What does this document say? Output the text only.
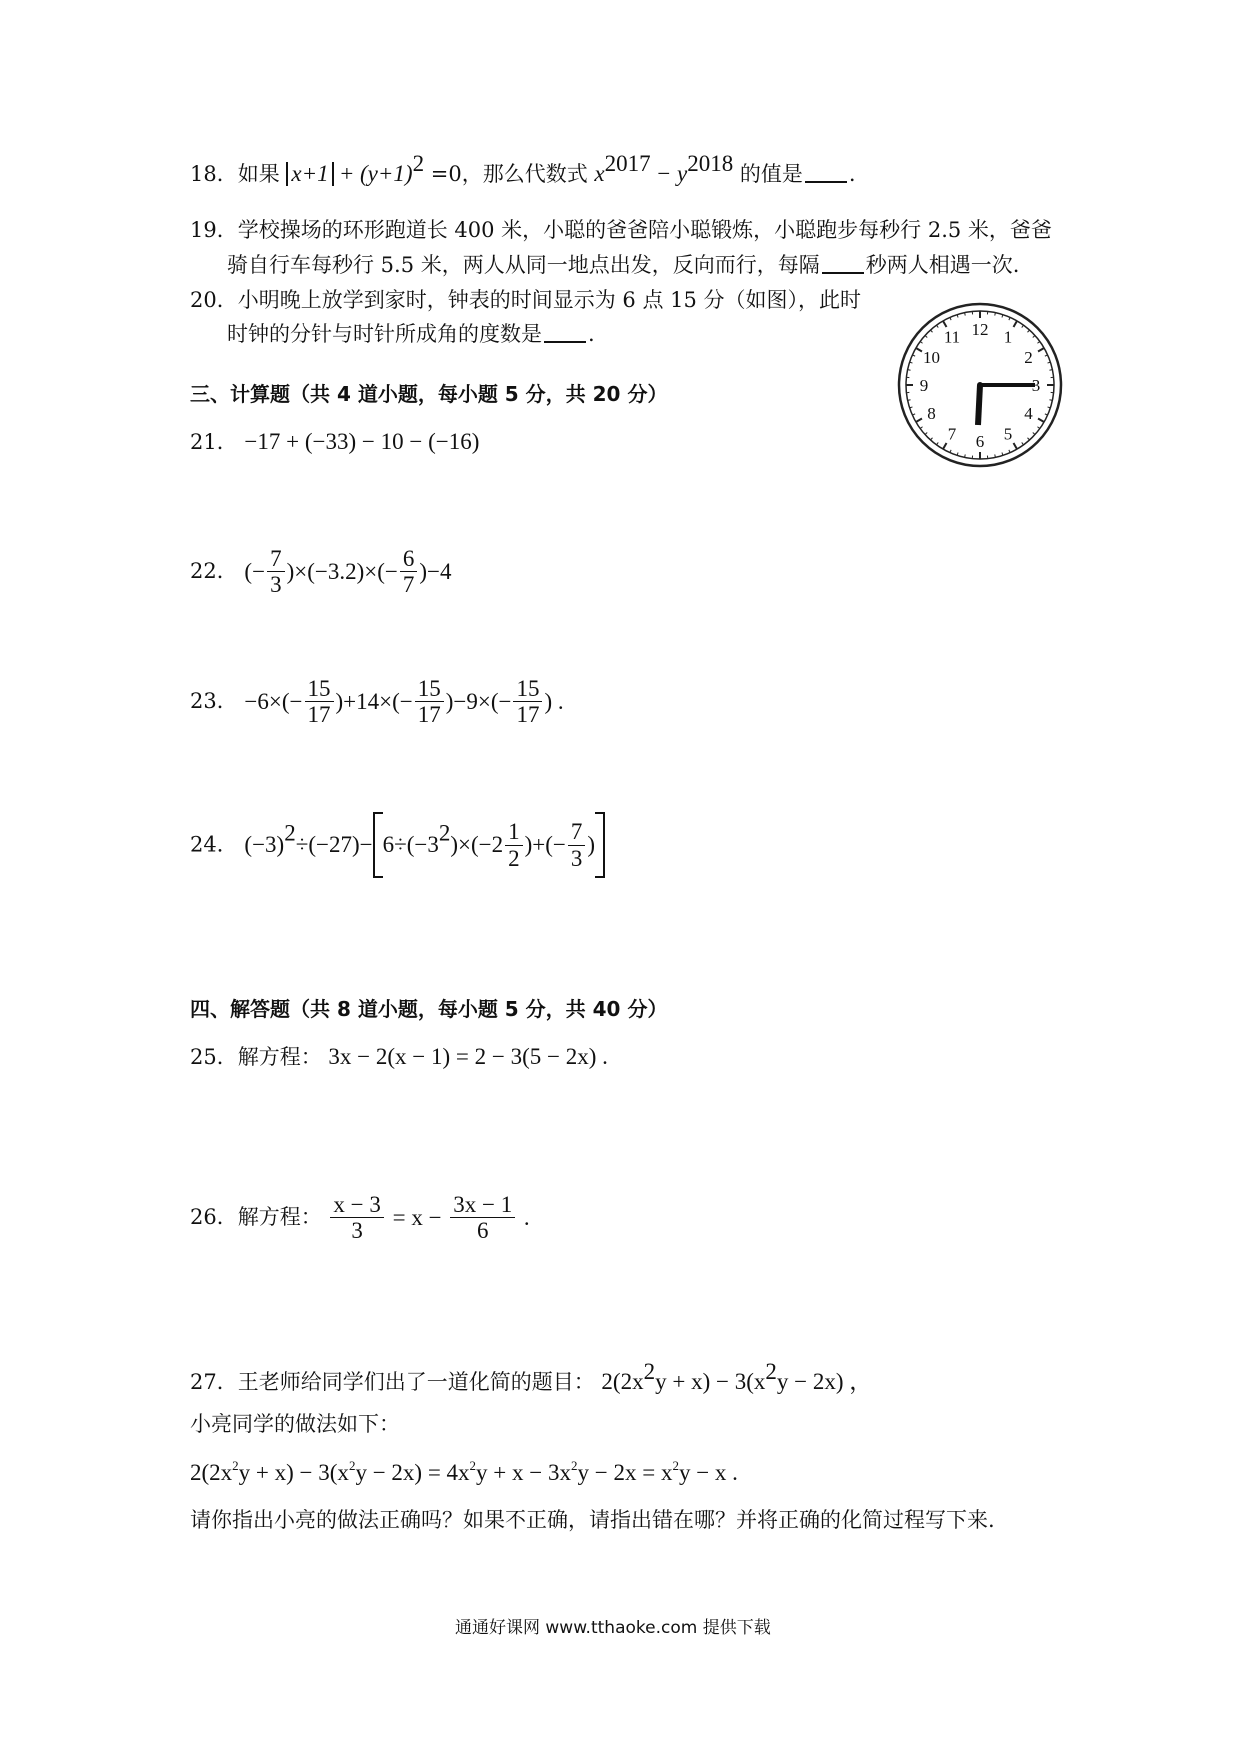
18．如果 $x+1 + (y+1)^2 =0$，那么代数式 $x^{2017} - y^{2018}$ 的值是 .
19．学校操场的环形跑道长 400 米，小聪的爸爸陪小聪锻炼，小聪跑步每秒行 2.5 米，爸爸
骑自行车每秒行 5.5 米，两人从同一地点出发，反向而行，每隔 秒两人相遇一次.
20．小明晚上放学到家时，钟表的时间显示为 6 点 15 分（如图），此时
时钟的分针与时针所成角的度数是 .	12 1
2
3
4
5
6
7
8
9
10
11
三、计算题（共 4 道小题，每小题 5 分，共 20 分）
21． −17 + (−33) − 10 − (−16)
22． (− $\frac{7}{3} )\times(-3.2)\times(- \frac{6}{7} )-4$
23． $-6\times(- \frac{15}{17} )+14\times(- \frac{15}{17} )-9\times(- \frac{15}{17}$ ) .
24． $(-3)^2\div(-27)- 6\div(-3^2)\times(-2 \frac{1}{2}$ )+(− $\frac{7}{3}$ )
四、解答题（共 8 道小题，每小题 5 分，共 40 分）
25．解方程： 3x − 2(x − 1) = 2 − 3(5 − 2x) .
26．解方程： $\frac{x - 3}{3} = x - \frac{3x - 1}{6}$ .
27．王老师给同学们出了一道化简的题目： $2(2x^2y + x) - 3(x^2y - 2x)$ ，
小亮同学的做法如下：
$2(2x^2y + x) - 3(x^2y - 2x) = 4x^2y + x - 3x^2y - 2x = x^2y - x$ .
请你指出小亮的做法正确吗？如果不正确，请指出错在哪？并将正确的化简过程写下来.
通通好课网 www.tthaoke.com 提供下载
